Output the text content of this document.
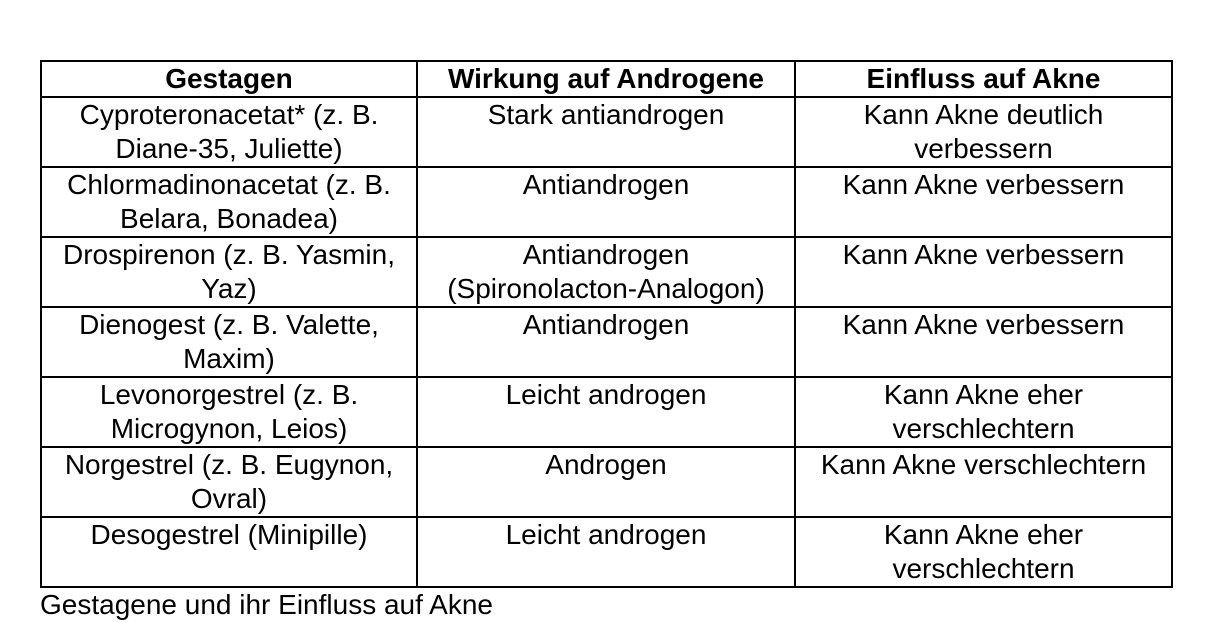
Gestagen	Wirkung auf Androgene	Einfluss auf Akne
Cyproteronacetat* (z. B. Diane-35, Juliette)	Stark antiandrogen	Kann Akne deutlich verbessern
Chlormadinonacetat (z. B. Belara, Bonadea)	Antiandrogen	Kann Akne verbessern
Drospirenon (z. B. Yasmin, Yaz)	Antiandrogen (Spironolacton-Analogon)	Kann Akne verbessern
Dienogest (z. B. Valette, Maxim)	Antiandrogen	Kann Akne verbessern
Levonorgestrel (z. B. Microgynon, Leios)	Leicht androgen	Kann Akne eher verschlechtern
Norgestrel (z. B. Eugynon, Ovral)	Androgen	Kann Akne verschlechtern
Desogestrel (Minipille)	Leicht androgen	Kann Akne eher verschlechtern
Gestagene und ihr Einfluss auf Akne
